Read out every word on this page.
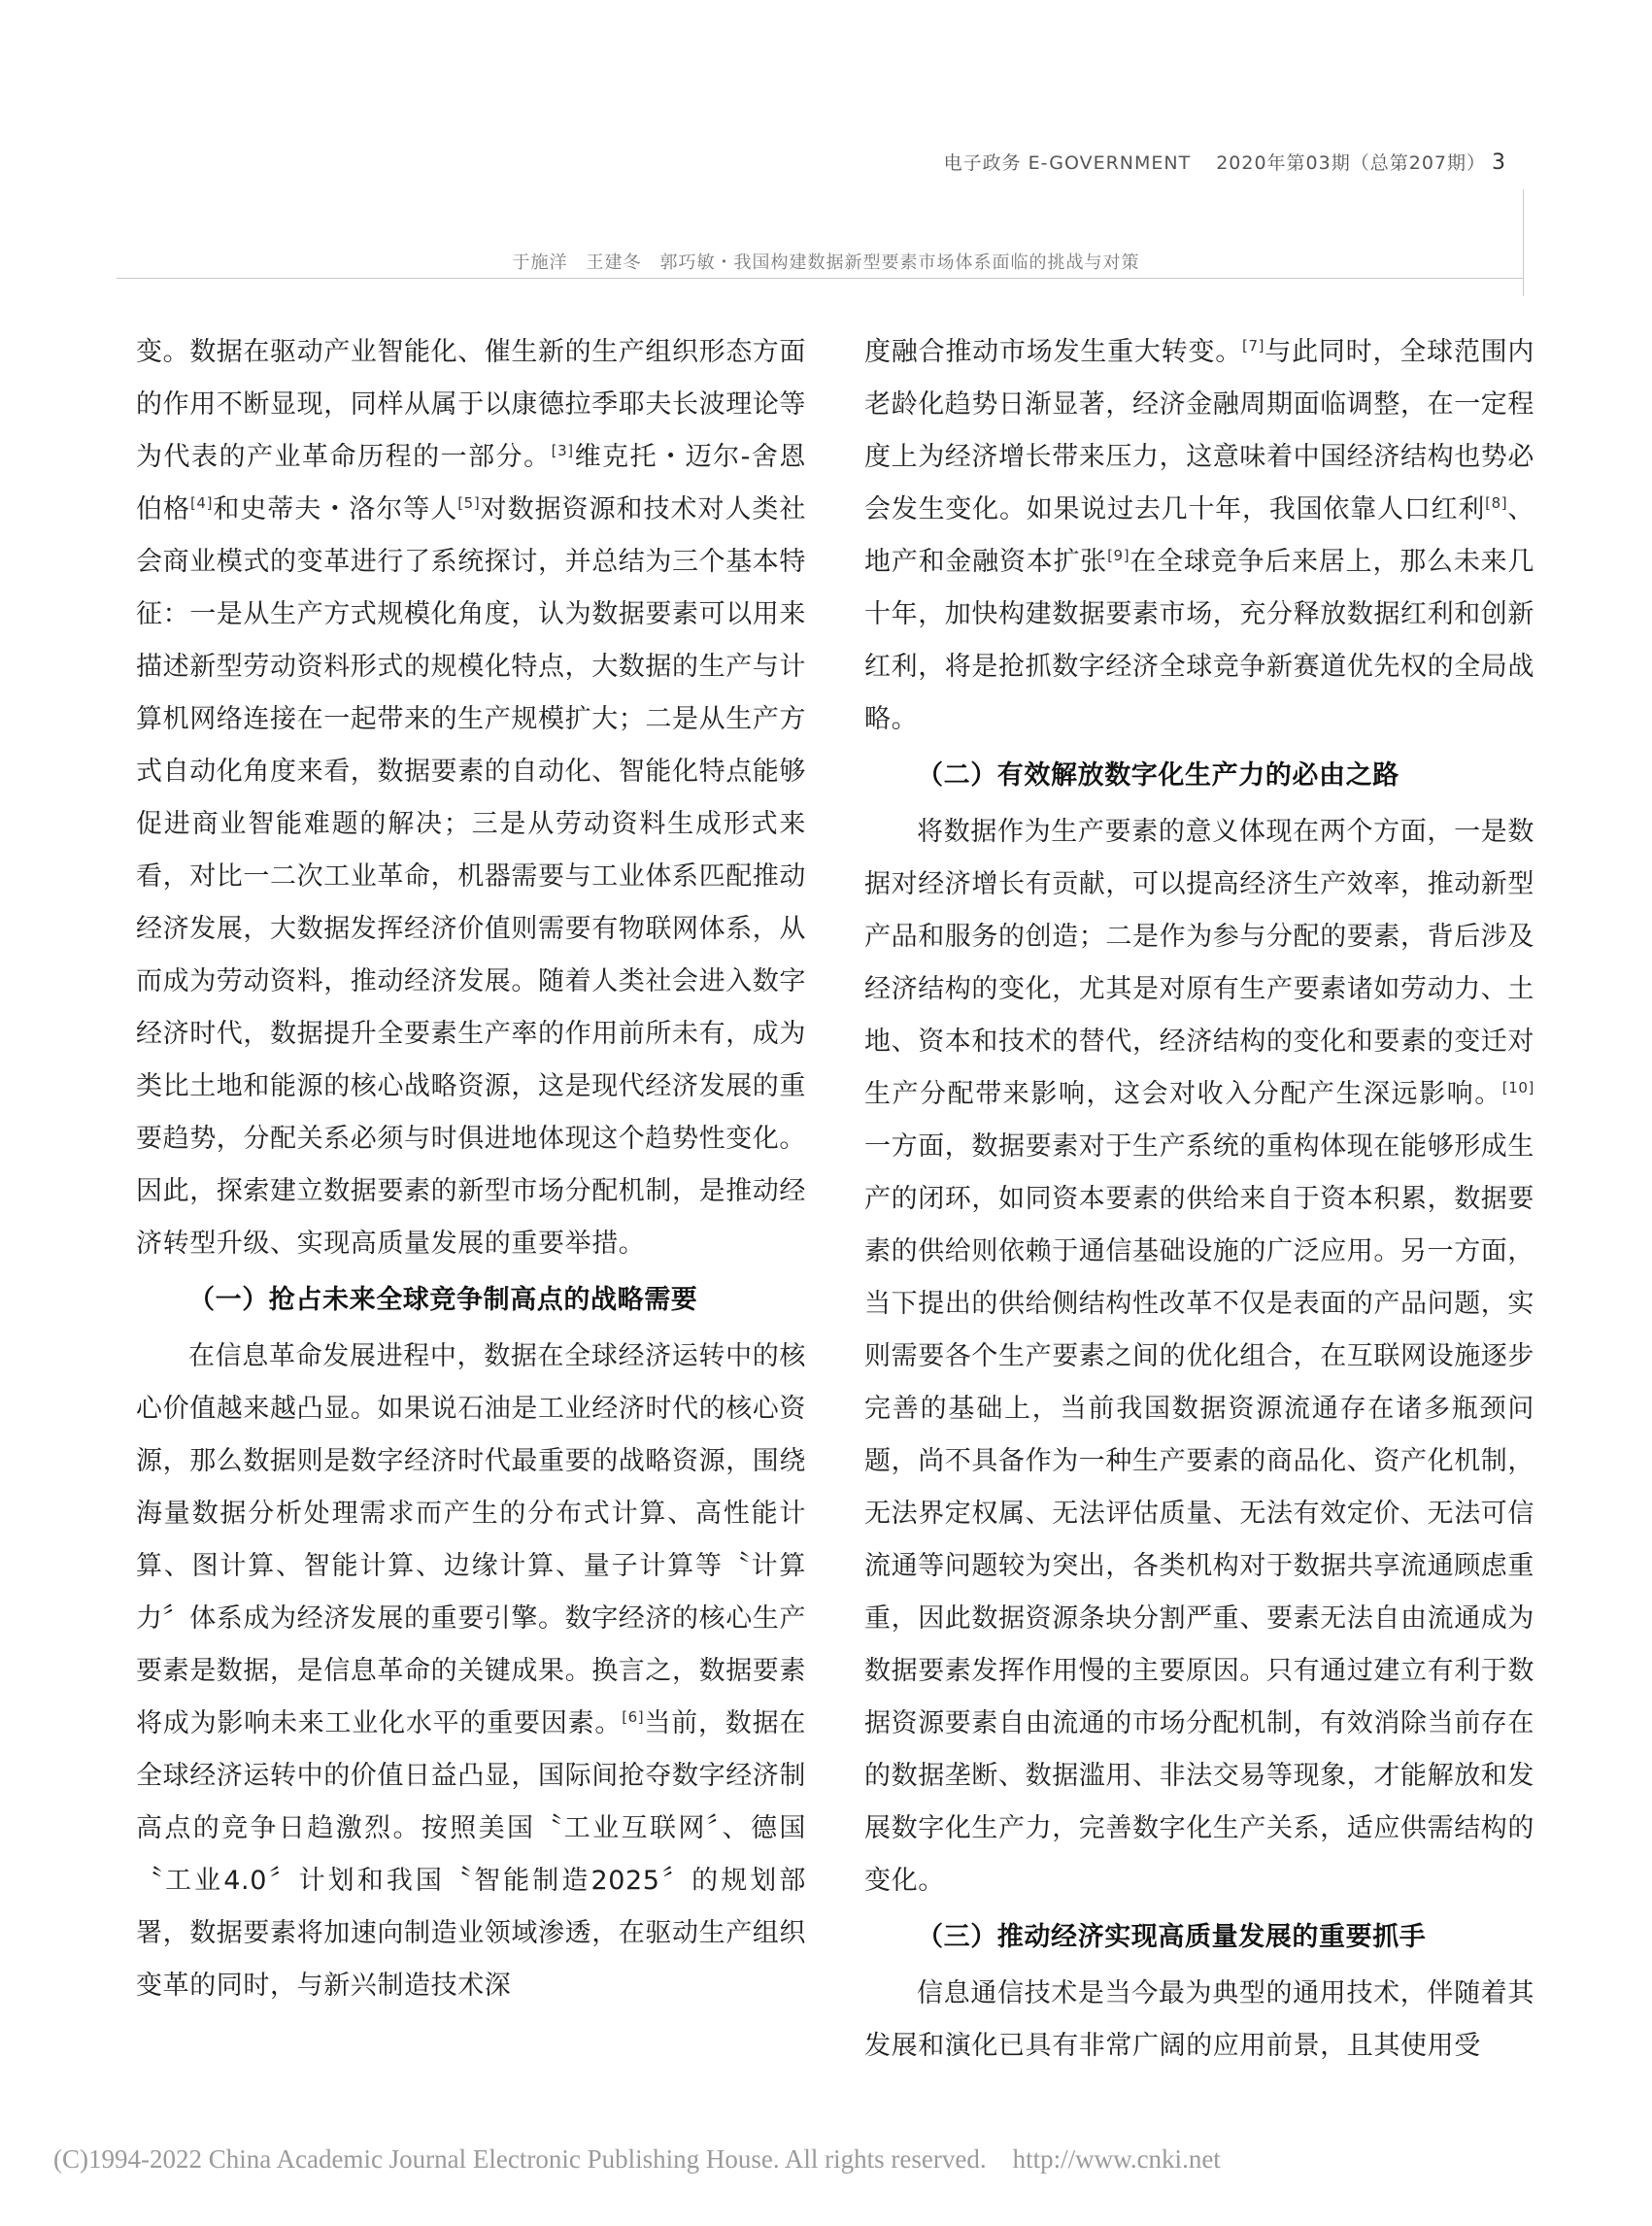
电子政务 E-GOVERNMENT 2020年第03期（总第207期） 3
于施洋　王建冬　郭巧敏・我国构建数据新型要素市场体系面临的挑战与对策

变。数据在驱动产业智能化、催生新的生产组织形态方面的作用不断显现，同样从属于以康德拉季耶夫长波理论等为代表的产业革命历程的一部分。[3]维克托・迈尔-舍恩伯格[4]和史蒂夫・洛尔等人[5]对数据资源和技术对人类社会商业模式的变革进行了系统探讨，并总结为三个基本特征：一是从生产方式规模化角度，认为数据要素可以用来描述新型劳动资料形式的规模化特点，大数据的生产与计算机网络连接在一起带来的生产规模扩大；二是从生产方式自动化角度来看，数据要素的自动化、智能化特点能够促进商业智能难题的解决；三是从劳动资料生成形式来看，对比一二次工业革命，机器需要与工业体系匹配推动经济发展，大数据发挥经济价值则需要有物联网体系，从而成为劳动资料，推动经济发展。随着人类社会进入数字经济时代，数据提升全要素生产率的作用前所未有，成为类比土地和能源的核心战略资源，这是现代经济发展的重要趋势，分配关系必须与时俱进地体现这个趋势性变化。因此，探索建立数据要素的新型市场分配机制，是推动经济转型升级、实现高质量发展的重要举措。

（一）抢占未来全球竞争制高点的战略需要

在信息革命发展进程中，数据在全球经济运转中的核心价值越来越凸显。如果说石油是工业经济时代的核心资源，那么数据则是数字经济时代最重要的战略资源，围绕海量数据分析处理需求而产生的分布式计算、高性能计算、图计算、智能计算、边缘计算、量子计算等〝计算力〞体系成为经济发展的重要引擎。数字经济的核心生产要素是数据，是信息革命的关键成果。换言之，数据要素将成为影响未来工业化水平的重要因素。[6]当前，数据在全球经济运转中的价值日益凸显，国际间抢夺数字经济制高点的竞争日趋激烈。按照美国〝工业互联网〞、德国〝工业4.0〞计划和我国〝智能制造2025〞的规划部署，数据要素将加速向制造业领域渗透，在驱动生产组织变革的同时，与新兴制造技术深

度融合推动市场发生重大转变。[7]与此同时，全球范围内老龄化趋势日渐显著，经济金融周期面临调整，在一定程度上为经济增长带来压力，这意味着中国经济结构也势必会发生变化。如果说过去几十年，我国依靠人口红利[8]、地产和金融资本扩张[9]在全球竞争后来居上，那么未来几十年，加快构建数据要素市场，充分释放数据红利和创新红利，将是抢抓数字经济全球竞争新赛道优先权的全局战略。

（二）有效解放数字化生产力的必由之路

将数据作为生产要素的意义体现在两个方面，一是数据对经济增长有贡献，可以提高经济生产效率，推动新型产品和服务的创造；二是作为参与分配的要素，背后涉及经济结构的变化，尤其是对原有生产要素诸如劳动力、土地、资本和技术的替代，经济结构的变化和要素的变迁对生产分配带来影响，这会对收入分配产生深远影响。[10]一方面，数据要素对于生产系统的重构体现在能够形成生产的闭环，如同资本要素的供给来自于资本积累，数据要素的供给则依赖于通信基础设施的广泛应用。另一方面，当下提出的供给侧结构性改革不仅是表面的产品问题，实则需要各个生产要素之间的优化组合，在互联网设施逐步完善的基础上，当前我国数据资源流通存在诸多瓶颈问题，尚不具备作为一种生产要素的商品化、资产化机制，无法界定权属、无法评估质量、无法有效定价、无法可信流通等问题较为突出，各类机构对于数据共享流通顾虑重重，因此数据资源条块分割严重、要素无法自由流通成为数据要素发挥作用慢的主要原因。只有通过建立有利于数据资源要素自由流通的市场分配机制，有效消除当前存在的数据垄断、数据滥用、非法交易等现象，才能解放和发展数字化生产力，完善数字化生产关系，适应供需结构的变化。

（三）推动经济实现高质量发展的重要抓手

信息通信技术是当今最为典型的通用技术，伴随着其发展和演化已具有非常广阔的应用前景，且其使用受

(C)1994-2022 China Academic Journal Electronic Publishing House. All rights reserved. http://www.cnki.net
